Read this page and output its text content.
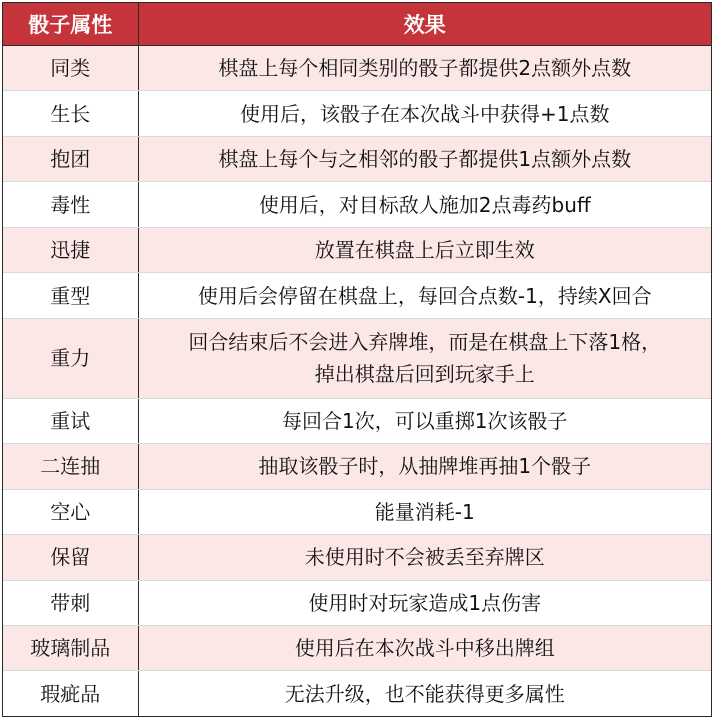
骰子属性	效果
同类	棋盘上每个相同类别的骰子都提供2点额外点数
生长	使用后，该骰子在本次战斗中获得+1点数
抱团	棋盘上每个与之相邻的骰子都提供1点额外点数
毒性	使用后，对目标敌人施加2点毒药buff
迅捷	放置在棋盘上后立即生效
重型	使用后会停留在棋盘上，每回合点数-1，持续X回合
重力	回合结束后不会进入弃牌堆，而是在棋盘上下落1格，
掉出棋盘后回到玩家手上

重试	每回合1次，可以重掷1次该骰子
二连抽	抽取该骰子时，从抽牌堆再抽1个骰子
空心	能量消耗-1
保留	未使用时不会被丢至弃牌区
带刺	使用时对玩家造成1点伤害
玻璃制品	使用后在本次战斗中移出牌组
瑕疵品	无法升级，也不能获得更多属性
